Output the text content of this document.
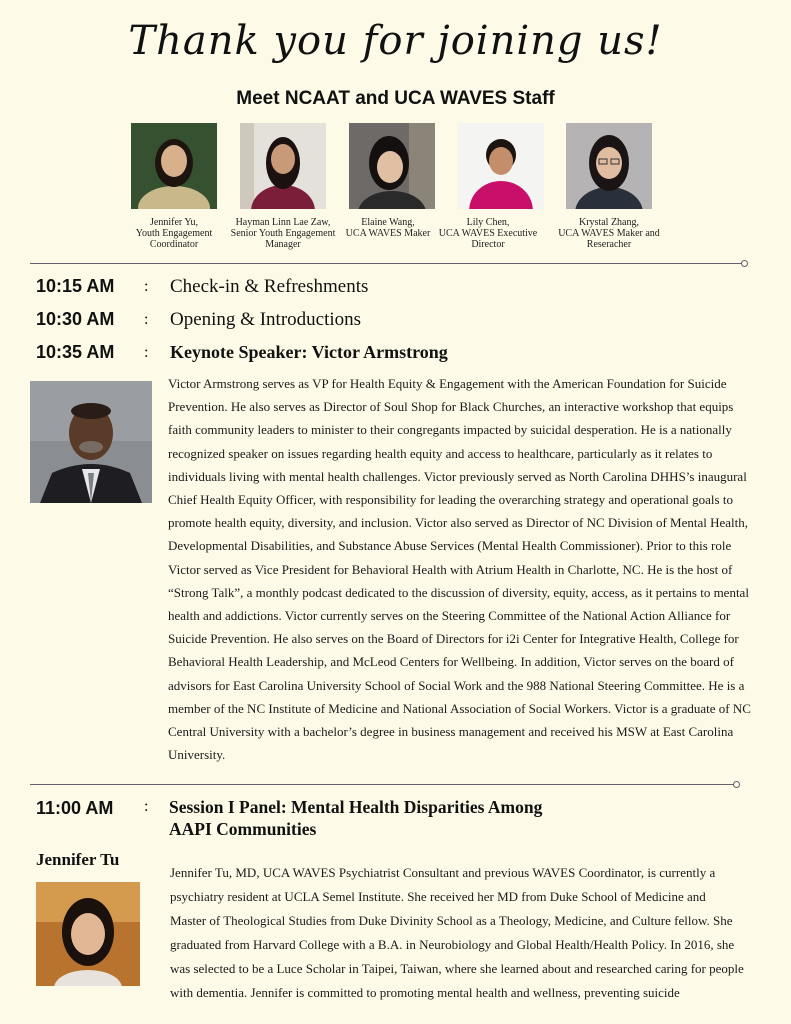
Thank you for joining us!
Meet NCAAT and UCA WAVES Staff
Jennifer Yu,
Youth Engagement Coordinator
Hayman Linn Lae Zaw,
Senior Youth Engagement Manager
Elaine Wang,
UCA WAVES Maker
Lily Chen,
UCA WAVES Executive Director
Krystal Zhang,
UCA WAVES Maker and Reseracher
10:15 AM : Check-in & Refreshments
10:30 AM : Opening & Introductions
10:35 AM : Keynote Speaker: Victor Armstrong
Victor Armstrong serves as VP for Health Equity & Engagement with the American Foundation for Suicide Prevention. He also serves as Director of Soul Shop for Black Churches, an interactive workshop that equips faith community leaders to minister to their congregants impacted by suicidal desperation. He is a nationally recognized speaker on issues regarding health equity and access to healthcare, particularly as it relates to individuals living with mental health challenges. Victor previously served as North Carolina DHHS’s inaugural Chief Health Equity Officer, with responsibility for leading the overarching strategy and operational goals to promote health equity, diversity, and inclusion. Victor also served as Director of NC Division of Mental Health, Developmental Disabilities, and Substance Abuse Services (Mental Health Commissioner). Prior to this role Victor served as Vice President for Behavioral Health with Atrium Health in Charlotte, NC. He is the host of “Strong Talk”, a monthly podcast dedicated to the discussion of diversity, equity, access, as it pertains to mental health and addictions. Victor currently serves on the Steering Committee of the National Action Alliance for Suicide Prevention. He also serves on the Board of Directors for i2i Center for Integrative Health, College for Behavioral Health Leadership, and McLeod Centers for Wellbeing. In addition, Victor serves on the board of advisors for East Carolina University School of Social Work and the 988 National Steering Committee. He is a member of the NC Institute of Medicine and National Association of Social Workers. Victor is a graduate of NC Central University with a bachelor’s degree in business management and received his MSW at East Carolina University.
11:00 AM : Session I Panel: Mental Health Disparities Among
AAPI Communities
Jennifer Tu
Jennifer Tu, MD, UCA WAVES Psychiatrist Consultant and previous WAVES Coordinator, is currently a psychiatry resident at UCLA Semel Institute. She received her MD from Duke School of Medicine and Master of Theological Studies from Duke Divinity School as a Theology, Medicine, and Culture fellow. She graduated from Harvard College with a B.A. in Neurobiology and Global Health/Health Policy. In 2016, she was selected to be a Luce Scholar in Taipei, Taiwan, where she learned about and researched caring for people with dementia. Jennifer is committed to promoting mental health and wellness, preventing suicide
